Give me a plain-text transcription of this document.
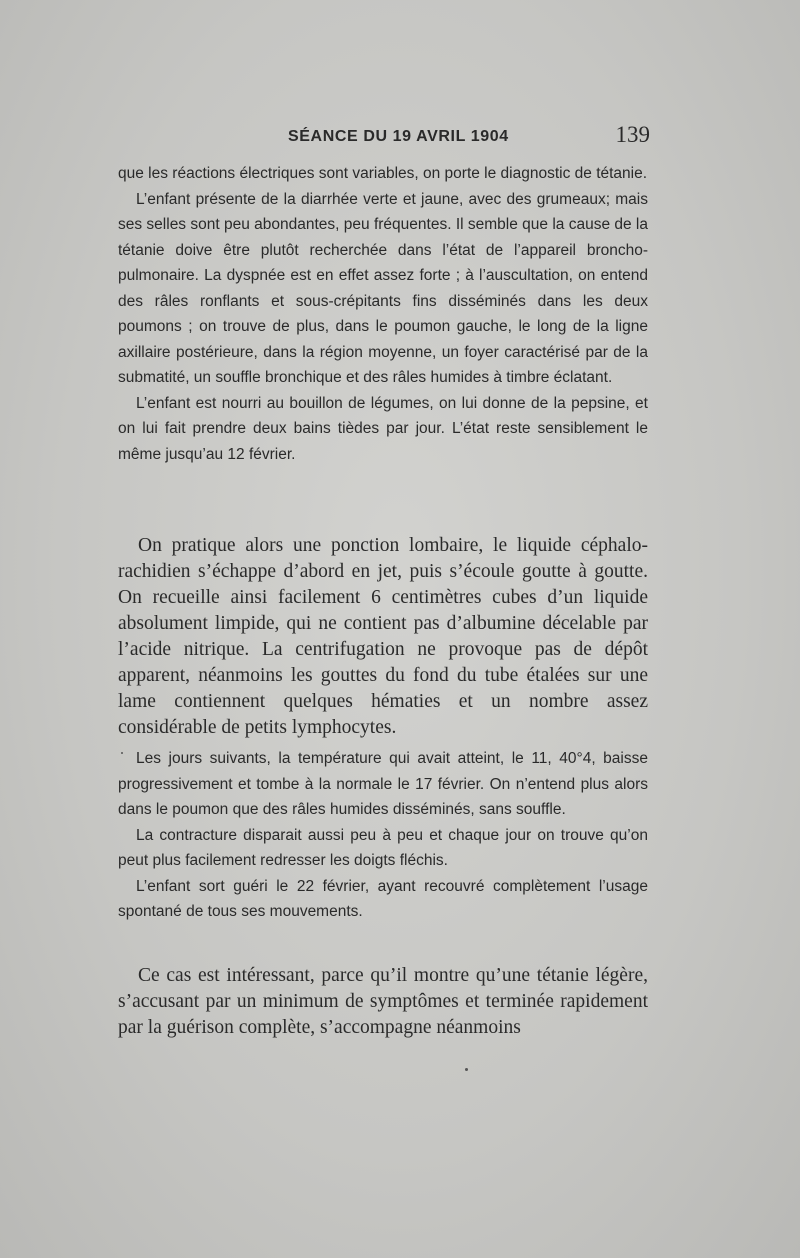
SÉANCE DU 19 AVRIL 1904	139

que les réactions électriques sont variables, on porte le diagnostic de tétanie.

L’enfant présente de la diarrhée verte et jaune, avec des grumeaux; mais ses selles sont peu abondantes, peu fréquentes. Il semble que la cause de la tétanie doive être plutôt recherchée dans l’état de l’appareil broncho-pulmonaire. La dyspnée est en effet assez forte ; à l’auscultation, on entend des râles ronflants et sous-crépitants fins disséminés dans les deux poumons ; on trouve de plus, dans le poumon gauche, le long de la ligne axillaire postérieure, dans la région moyenne, un foyer caractérisé par de la submatité, un souffle bronchique et des râles humides à timbre éclatant.

L’enfant est nourri au bouillon de légumes, on lui donne de la pepsine, et on lui fait prendre deux bains tièdes par jour. L’état reste sensiblement le même jusqu’au 12 février.

On pratique alors une ponction lombaire, le liquide céphalo-rachidien s’échappe d’abord en jet, puis s’écoule goutte à goutte. On recueille ainsi facilement 6 centimètres cubes d’un liquide absolument limpide, qui ne contient pas d’albumine décelable par l’acide nitrique. La centrifugation ne provoque pas de dépôt apparent, néanmoins les gouttes du fond du tube étalées sur une lame contiennent quelques hématies et un nombre assez considérable de petits lymphocytes.

Les jours suivants, la température qui avait atteint, le 11, 40°4, baisse progressivement et tombe à la normale le 17 février. On n’entend plus alors dans le poumon que des râles humides disséminés, sans souffle.

La contracture disparait aussi peu à peu et chaque jour on trouve qu’on peut plus facilement redresser les doigts fléchis.

L’enfant sort guéri le 22 février, ayant recouvré complètement l’usage spontané de tous ses mouvements.

Ce cas est intéressant, parce qu’il montre qu’une tétanie légère, s’accusant par un minimum de symptômes et terminée rapidement par la guérison complète, s’accompagne néanmoins
